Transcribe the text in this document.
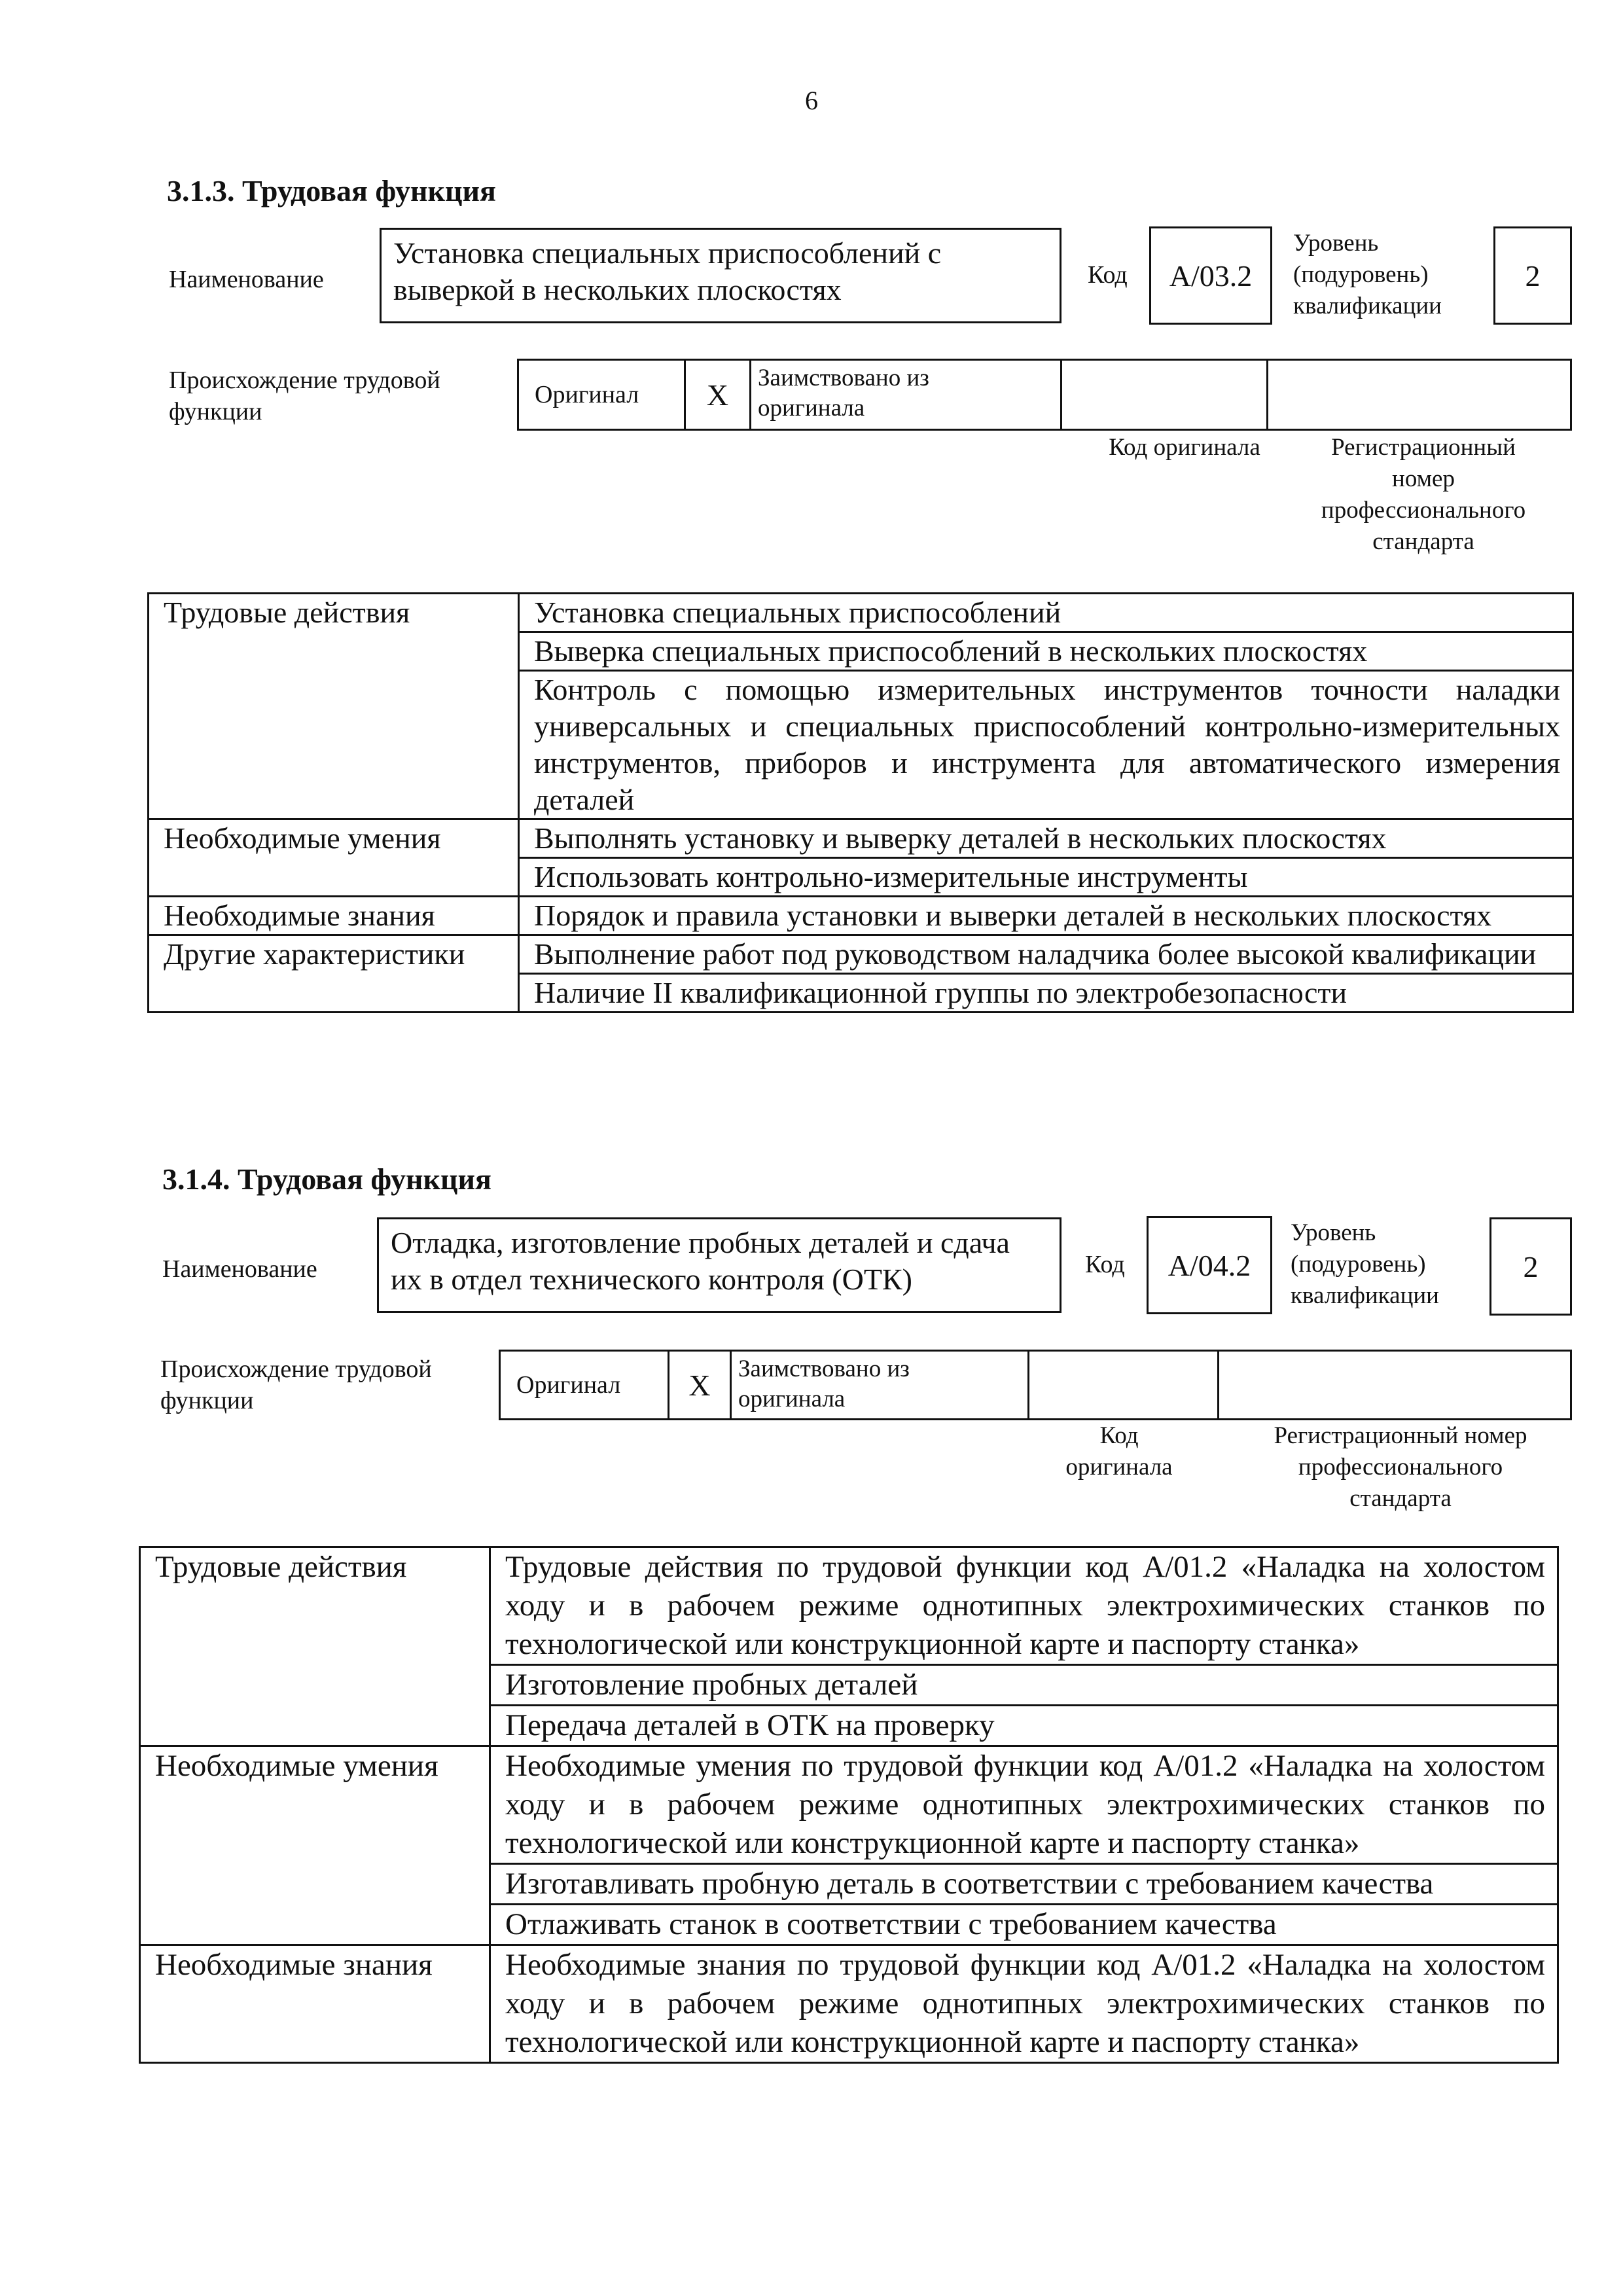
6
3.1.3. Трудовая функция
Наименование
Установка специальных приспособлений с выверкой в нескольких плоскостях	Код А/03.2
Уровень
(подуровень)
квалификации
2
Происхождение трудовой
функции
Оригинал X Заимствовано из
оригинала
Код оригинала	Регистрационный
номер
профессионального
стандарта
Трудовые действия	Установка специальных приспособлений
	Выверка специальных приспособлений в нескольких плоскостях
	Контроль с помощью измерительных инструментов точности наладки универсальных и специальных приспособлений контрольно-измерительных инструментов, приборов и инструмента для автоматического измерения деталей
Необходимые умения	Выполнять установку и выверку деталей в нескольких плоскостях
	Использовать контрольно-измерительные инструменты
Необходимые знания	Порядок и правила установки и выверки деталей в нескольких плоскостях
Другие характеристики	Выполнение работ под руководством наладчика более высокой квалификации
	Наличие II квалификационной группы по электробезопасности
3.1.4. Трудовая функция
Наименование
Отладка, изготовление пробных деталей и сдача их в отдел технического контроля (ОТК)	Код А/04.2
Уровень
(подуровень)
квалификации
2
Происхождение трудовой
функции
Оригинал X Заимствовано из
оригинала
Код
оригинала
Регистрационный номер
профессионального
стандарта
Трудовые действия	Трудовые действия по трудовой функции код А/01.2 «Наладка на холостом ходу и в рабочем режиме однотипных электрохимических станков по технологической или конструкционной карте и паспорту станка»
	Изготовление пробных деталей
	Передача деталей в ОТК на проверку
Необходимые умения	Необходимые умения по трудовой функции код А/01.2 «Наладка на холостом ходу и в рабочем режиме однотипных электрохимических станков по технологической или конструкционной карте и паспорту станка»
	Изготавливать пробную деталь в соответствии с требованием качества
	Отлаживать станок в соответствии с требованием качества
Необходимые знания	Необходимые знания по трудовой функции код А/01.2 «Наладка на холостом ходу и в рабочем режиме однотипных электрохимических станков по технологической или конструкционной карте и паспорту станка»
